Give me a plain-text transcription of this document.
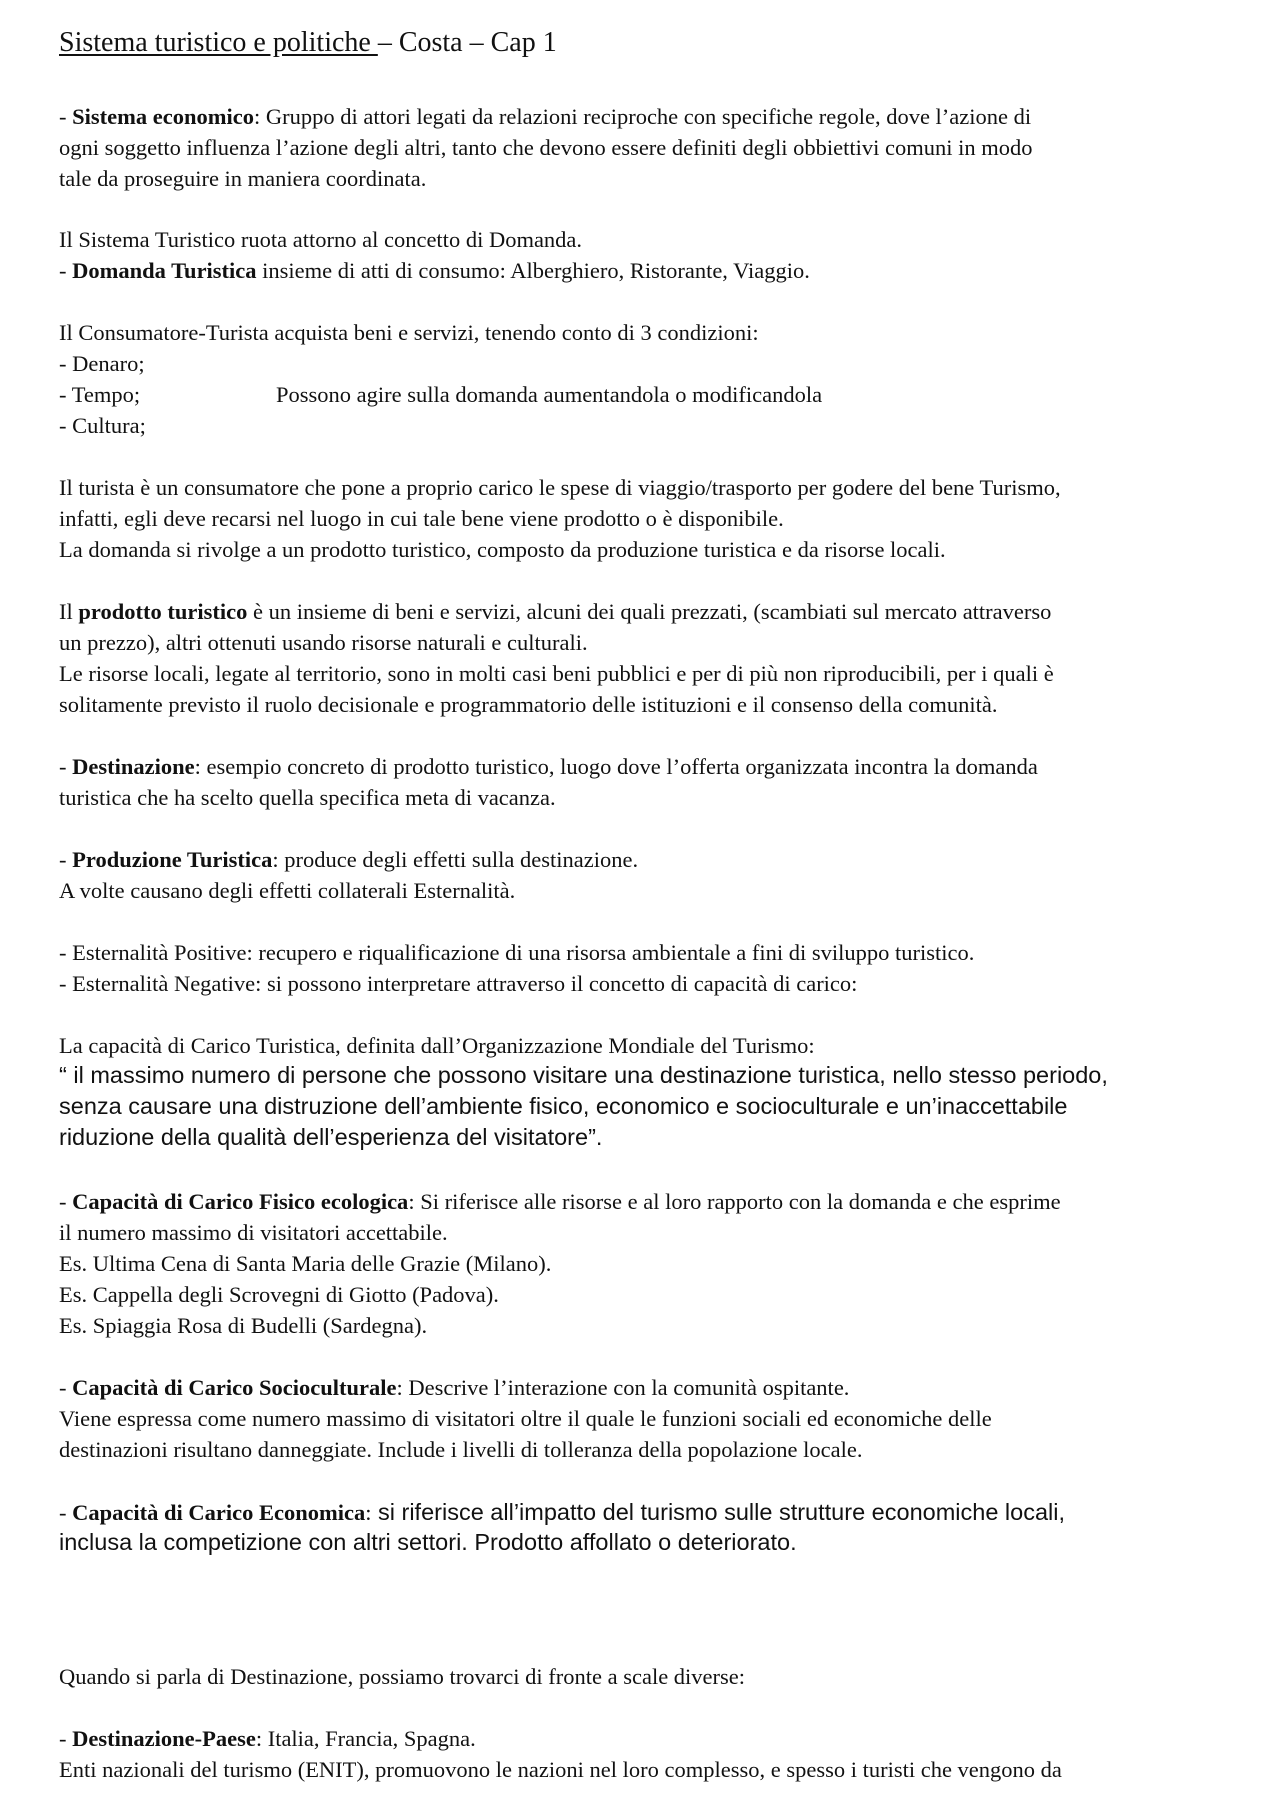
Sistema turistico e politiche – Costa – Cap 1
- Sistema economico: Gruppo di attori legati da relazioni reciproche con specifiche regole, dove l’azione di
ogni soggetto influenza l’azione degli altri, tanto che devono essere definiti degli obbiettivi comuni in modo
tale da proseguire in maniera coordinata.
Il Sistema Turistico ruota attorno al concetto di Domanda.
- Domanda Turistica insieme di atti di consumo: Alberghiero, Ristorante, Viaggio.
Il Consumatore-Turista acquista beni e servizi, tenendo conto di 3 condizioni:
- Denaro;
- Tempo;	Possono agire sulla domanda aumentandola o modificandola
- Cultura;
Il turista è un consumatore che pone a proprio carico le spese di viaggio/trasporto per godere del bene Turismo,
infatti, egli deve recarsi nel luogo in cui tale bene viene prodotto o è disponibile.
La domanda si rivolge a un prodotto turistico, composto da produzione turistica e da risorse locali.
Il prodotto turistico è un insieme di beni e servizi, alcuni dei quali prezzati, (scambiati sul mercato attraverso
un prezzo), altri ottenuti usando risorse naturali e culturali.
Le risorse locali, legate al territorio, sono in molti casi beni pubblici e per di più non riproducibili, per i quali è
solitamente previsto il ruolo decisionale e programmatorio delle istituzioni e il consenso della comunità.
- Destinazione: esempio concreto di prodotto turistico, luogo dove l’offerta organizzata incontra la domanda
turistica che ha scelto quella specifica meta di vacanza.
- Produzione Turistica: produce degli effetti sulla destinazione.
A volte causano degli effetti collaterali Esternalità.
- Esternalità Positive: recupero e riqualificazione di una risorsa ambientale a fini di sviluppo turistico.
- Esternalità Negative: si possono interpretare attraverso il concetto di capacità di carico:
La capacità di Carico Turistica, definita dall’Organizzazione Mondiale del Turismo:
“ il massimo numero di persone che possono visitare una destinazione turistica, nello stesso periodo,
senza causare una distruzione dell’ambiente fisico, economico e socioculturale e un’inaccettabile
riduzione della qualità dell’esperienza del visitatore”.
- Capacità di Carico Fisico ecologica: Si riferisce alle risorse e al loro rapporto con la domanda e che esprime
il numero massimo di visitatori accettabile.
Es. Ultima Cena di Santa Maria delle Grazie (Milano).
Es. Cappella degli Scrovegni di Giotto (Padova).
Es. Spiaggia Rosa di Budelli (Sardegna).
- Capacità di Carico Socioculturale: Descrive l’interazione con la comunità ospitante.
Viene espressa come numero massimo di visitatori oltre il quale le funzioni sociali ed economiche delle
destinazioni risultano danneggiate. Include i livelli di tolleranza della popolazione locale.
- Capacità di Carico Economica: si riferisce all’impatto del turismo sulle strutture economiche locali,
inclusa la competizione con altri settori. Prodotto affollato o deteriorato.
Quando si parla di Destinazione, possiamo trovarci di fronte a scale diverse:
- Destinazione-Paese: Italia, Francia, Spagna.
Enti nazionali del turismo (ENIT), promuovono le nazioni nel loro complesso, e spesso i turisti che vengono da
